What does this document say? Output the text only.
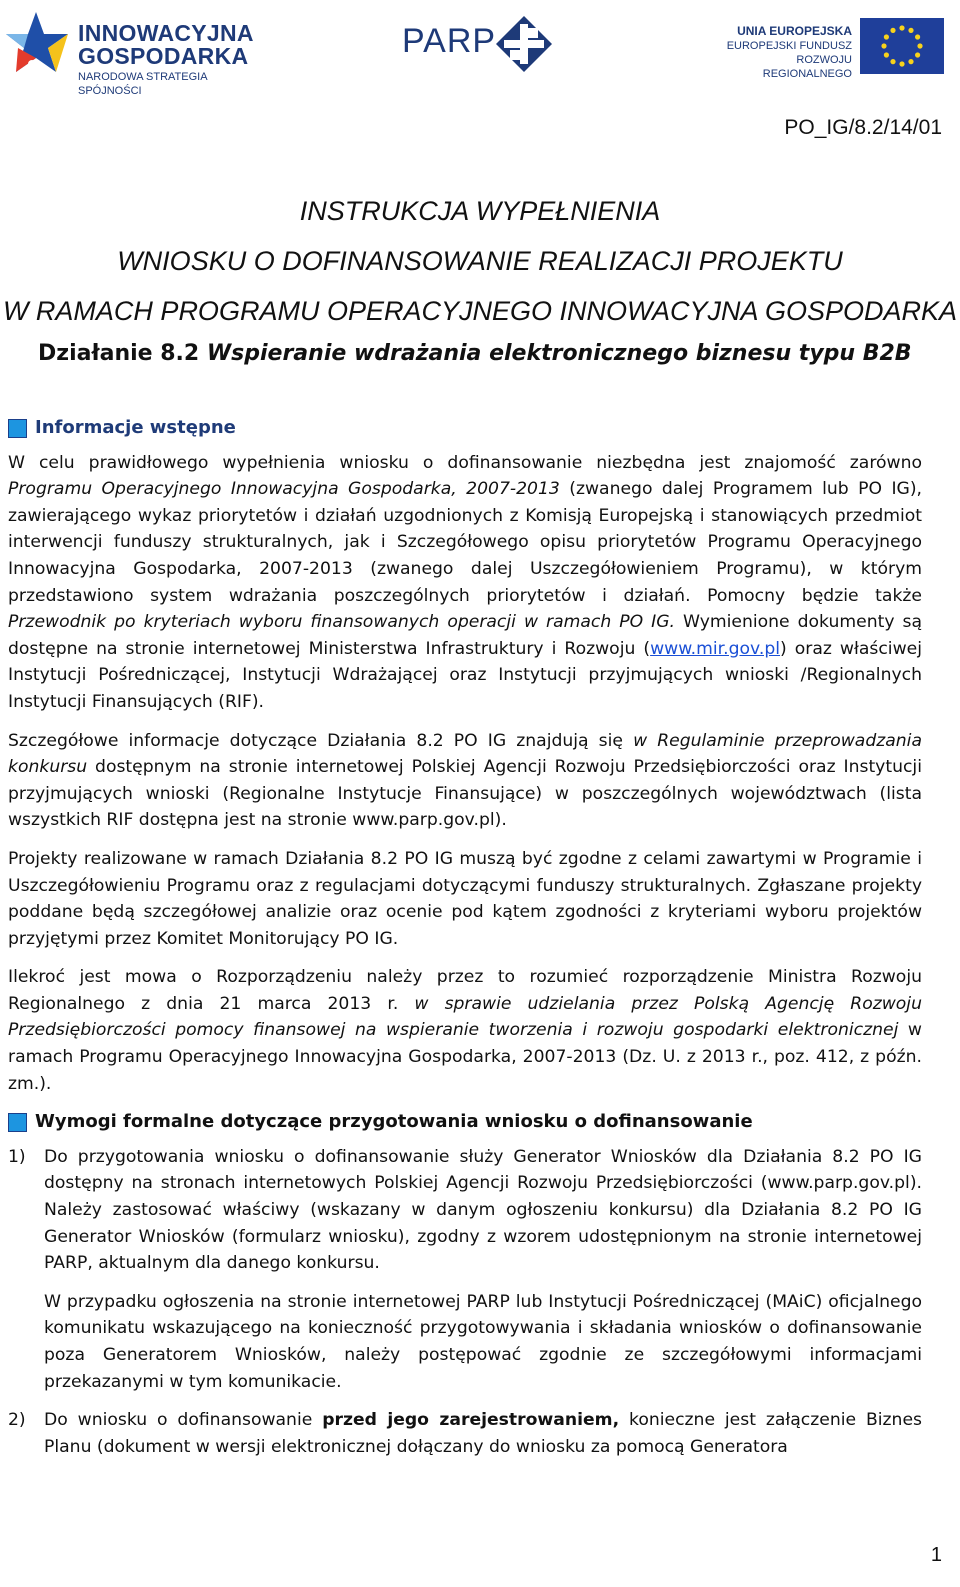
INNOWACYJNA
GOSPODARKA
NARODOWA STRATEGIA SPÓJNOŚCI
PARP	UNIA EUROPEJSKA
EUROPEJSKI FUNDUSZ
ROZWOJU REGIONALNEGO
PO_IG/8.2/14/01
INSTRUKCJA WYPEŁNIENIA
WNIOSKU O DOFINANSOWANIE REALIZACJI PROJEKTU
W RAMACH PROGRAMU OPERACYJNEGO INNOWACYJNA GOSPODARKA
Działanie 8.2 Wspieranie wdrażania elektronicznego biznesu typu B2B
Informacje wstępne

W celu prawidłowego wypełnienia wniosku o dofinansowanie niezbędna jest znajomość zarówno Programu Operacyjnego Innowacyjna Gospodarka, 2007-2013 (zwanego dalej Programem lub PO IG), zawierającego wykaz priorytetów i działań uzgodnionych z Komisją Europejską i stanowiących przedmiot interwencji funduszy strukturalnych, jak i Szczegółowego opisu priorytetów Programu Operacyjnego Innowacyjna Gospodarka, 2007-2013 (zwanego dalej Uszczegółowieniem Programu), w którym przedstawiono system wdrażania poszczególnych priorytetów i działań. Pomocny będzie także Przewodnik po kryteriach wyboru finansowanych operacji w ramach PO IG. Wymienione dokumenty są dostępne na stronie internetowej Ministerstwa Infrastruktury i Rozwoju (www.mir.gov.pl) oraz właściwej Instytucji Pośredniczącej, Instytucji Wdrażającej oraz Instytucji przyjmujących wnioski /Regionalnych Instytucji Finansujących (RIF).

Szczegółowe informacje dotyczące Działania 8.2 PO IG znajdują się w Regulaminie przeprowadzania konkursu dostępnym na stronie internetowej Polskiej Agencji Rozwoju Przedsiębiorczości oraz Instytucji przyjmujących wnioski (Regionalne Instytucje Finansujące) w poszczególnych województwach (lista wszystkich RIF dostępna jest na stronie www.parp.gov.pl).

Projekty realizowane w ramach Działania 8.2 PO IG muszą być zgodne z celami zawartymi w Programie i Uszczegółowieniu Programu oraz z regulacjami dotyczącymi funduszy strukturalnych. Zgłaszane projekty poddane będą szczegółowej analizie oraz ocenie pod kątem zgodności z kryteriami wyboru projektów przyjętymi przez Komitet Monitorujący PO IG.

Ilekroć jest mowa o Rozporządzeniu należy przez to rozumieć rozporządzenie Ministra Rozwoju Regionalnego z dnia 21 marca 2013 r. w sprawie udzielania przez Polską Agencję Rozwoju Przedsiębiorczości pomocy finansowej na wspieranie tworzenia i rozwoju gospodarki elektronicznej w ramach Programu Operacyjnego Innowacyjna Gospodarka, 2007-2013 (Dz. U. z 2013 r., poz. 412, z późn. zm.).

Wymogi formalne dotyczące przygotowania wniosku o dofinansowanie
1) Do przygotowania wniosku o dofinansowanie służy Generator Wniosków dla Działania 8.2 PO IG dostępny na stronach internetowych Polskiej Agencji Rozwoju Przedsiębiorczości (www.parp.gov.pl). Należy zastosować właściwy (wskazany w danym ogłoszeniu konkursu) dla Działania 8.2 PO IG Generator Wniosków (formularz wniosku), zgodny z wzorem udostępnionym na stronie internetowej PARP, aktualnym dla danego konkursu.

W przypadku ogłoszenia na stronie internetowej PARP lub Instytucji Pośredniczącej (MAiC) oficjalnego komunikatu wskazującego na konieczność przygotowywania i składania wniosków o dofinansowanie poza Generatorem Wniosków, należy postępować zgodnie ze szczegółowymi informacjami przekazanymi w tym komunikacie.

2) Do wniosku o dofinansowanie przed jego zarejestrowaniem, konieczne jest załączenie Biznes Planu (dokument w wersji elektronicznej dołączany do wniosku za pomocą Generatora

1
